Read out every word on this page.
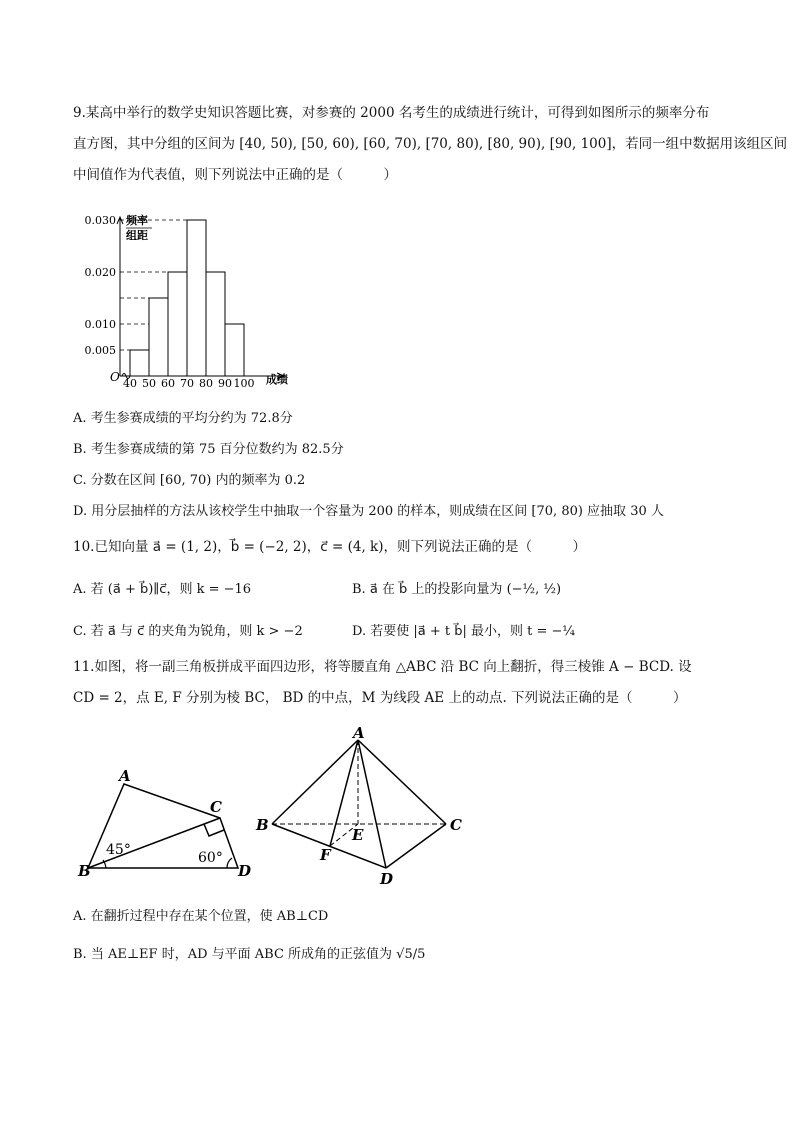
9.某高中举行的数学史知识答题比赛，对参赛的 2000 名考生的成绩进行统计，可得到如图所示的频率分布
直方图，其中分组的区间为 [40, 50), [50, 60), [60, 70), [70, 80), [80, 90), [90, 100]，若同一组中数据用该组区间
中间值作为代表值，则下列说法中正确的是（　　　）
0.005
0.010
0.020
0.030
40 50 60 70 80 90 100
频率
组距
成绩
O
A. 考生参赛成绩的平均分约为 72.8分
B. 考生参赛成绩的第 75 百分位数约为 82.5分
C. 分数在区间 [60, 70) 内的频率为 0.2
D. 用分层抽样的方法从该校学生中抽取一个容量为 200 的样本，则成绩在区间 [70, 80) 应抽取 30 人
10.已知向量 a⃗ = (1, 2)，b⃗ = (−2, 2)，c⃗ = (4, k)，则下列说法正确的是（　　　）
A. 若 (a⃗ + b⃗)∥c⃗，则 k = −16	B. a⃗ 在 b⃗ 上的投影向量为 (−½, ½)
C. 若 a⃗ 与 c⃗ 的夹角为锐角，则 k > −2	D. 若要使 |a⃗ + t b⃗| 最小，则 t = −¼
11.如图，将一副三角板拼成平面四边形，将等腰直角 △ABC 沿 BC 向上翻折，得三棱锥 A − BCD. 设
CD = 2，点 E, F 分别为棱 BC， BD 的中点，M 为线段 AE 上的动点. 下列说法正确的是（　　　）
A
B
C
D
45°	60°
A
B	C
D
E
F
A. 在翻折过程中存在某个位置，使 AB⊥CD
B. 当 AE⊥EF 时，AD 与平面 ABC 所成角的正弦值为 √5/5
